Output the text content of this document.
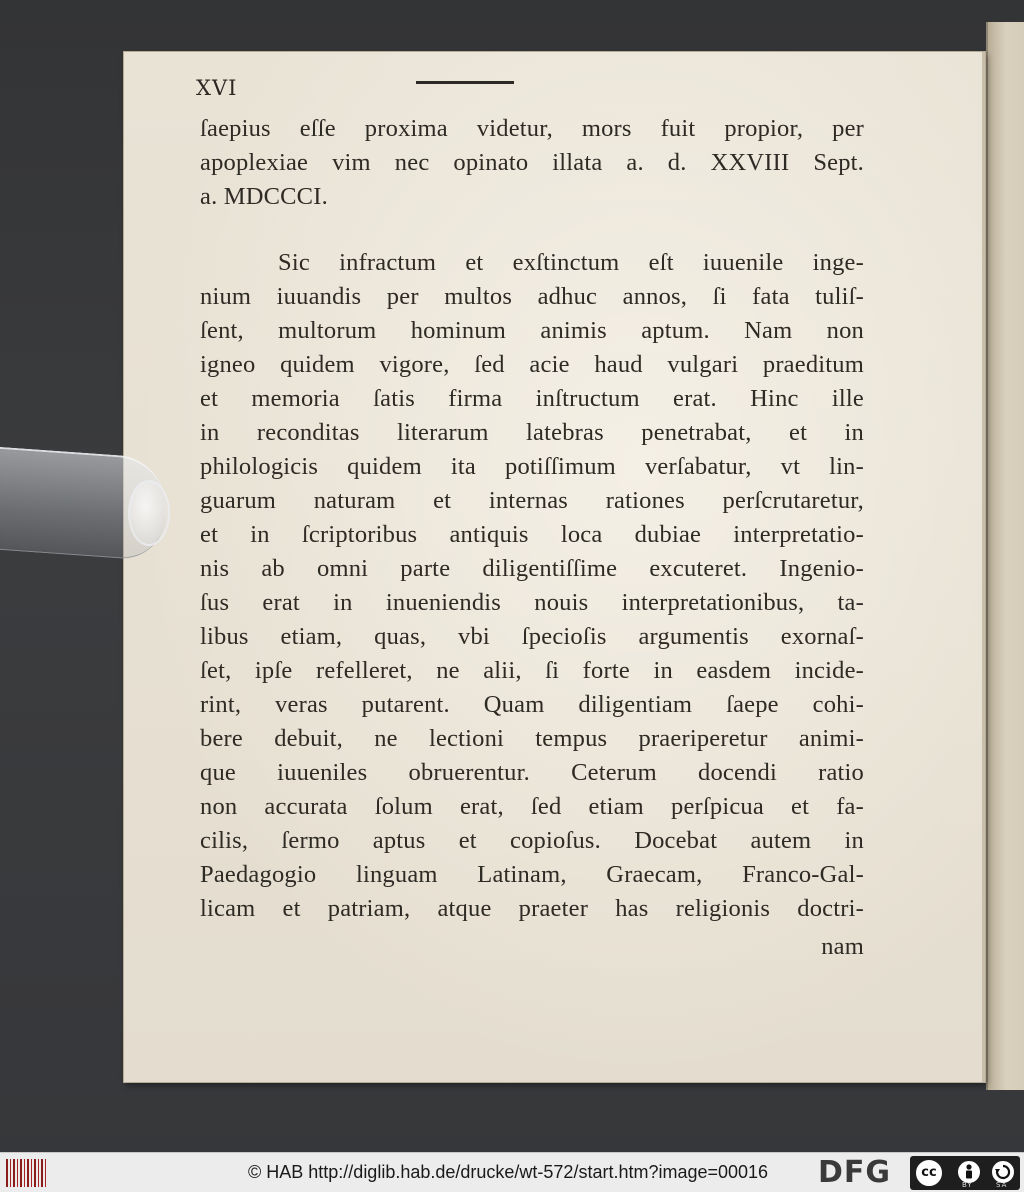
XVI
ſaepius eſſe proxima videtur, mors fuit propior, per
apoplexiae vim nec opinato illata a. d. XXVIII Sept.
a. MDCCCI.
Sic infractum et exſtinctum eſt iuuenile inge-
nium iuuandis per multos adhuc annos, ſi fata tuliſ-
ſent, multorum hominum animis aptum. Nam non
igneo quidem vigore, ſed acie haud vulgari praeditum
et memoria ſatis firma inſtructum erat. Hinc ille
in reconditas literarum latebras penetrabat, et in
philologicis quidem ita potiſſimum verſabatur, vt lin-
guarum naturam et internas rationes perſcrutaretur,
et in ſcriptoribus antiquis loca dubiae interpretatio-
nis ab omni parte diligentiſſime excuteret. Ingenio-
ſus erat in inueniendis nouis interpretationibus, ta-
libus etiam, quas, vbi ſpecioſis argumentis exornaſ-
ſet, ipſe refelleret, ne alii, ſi forte in easdem incide-
rint, veras putarent. Quam diligentiam ſaepe cohi-
bere debuit, ne lectioni tempus praeriperetur animi-
que iuueniles obruerentur. Ceterum docendi ratio
non accurata ſolum erat, ſed etiam perſpicua et fa-
cilis, ſermo aptus et copioſus. Docebat autem in
Paedagogio linguam Latinam, Graecam, Franco-Gal-
licam et patriam, atque praeter has religionis doctri-
nam
© HAB http://diglib.hab.de/drucke/wt-572/start.htm?image=00016 DFG	cc
BY	SA
